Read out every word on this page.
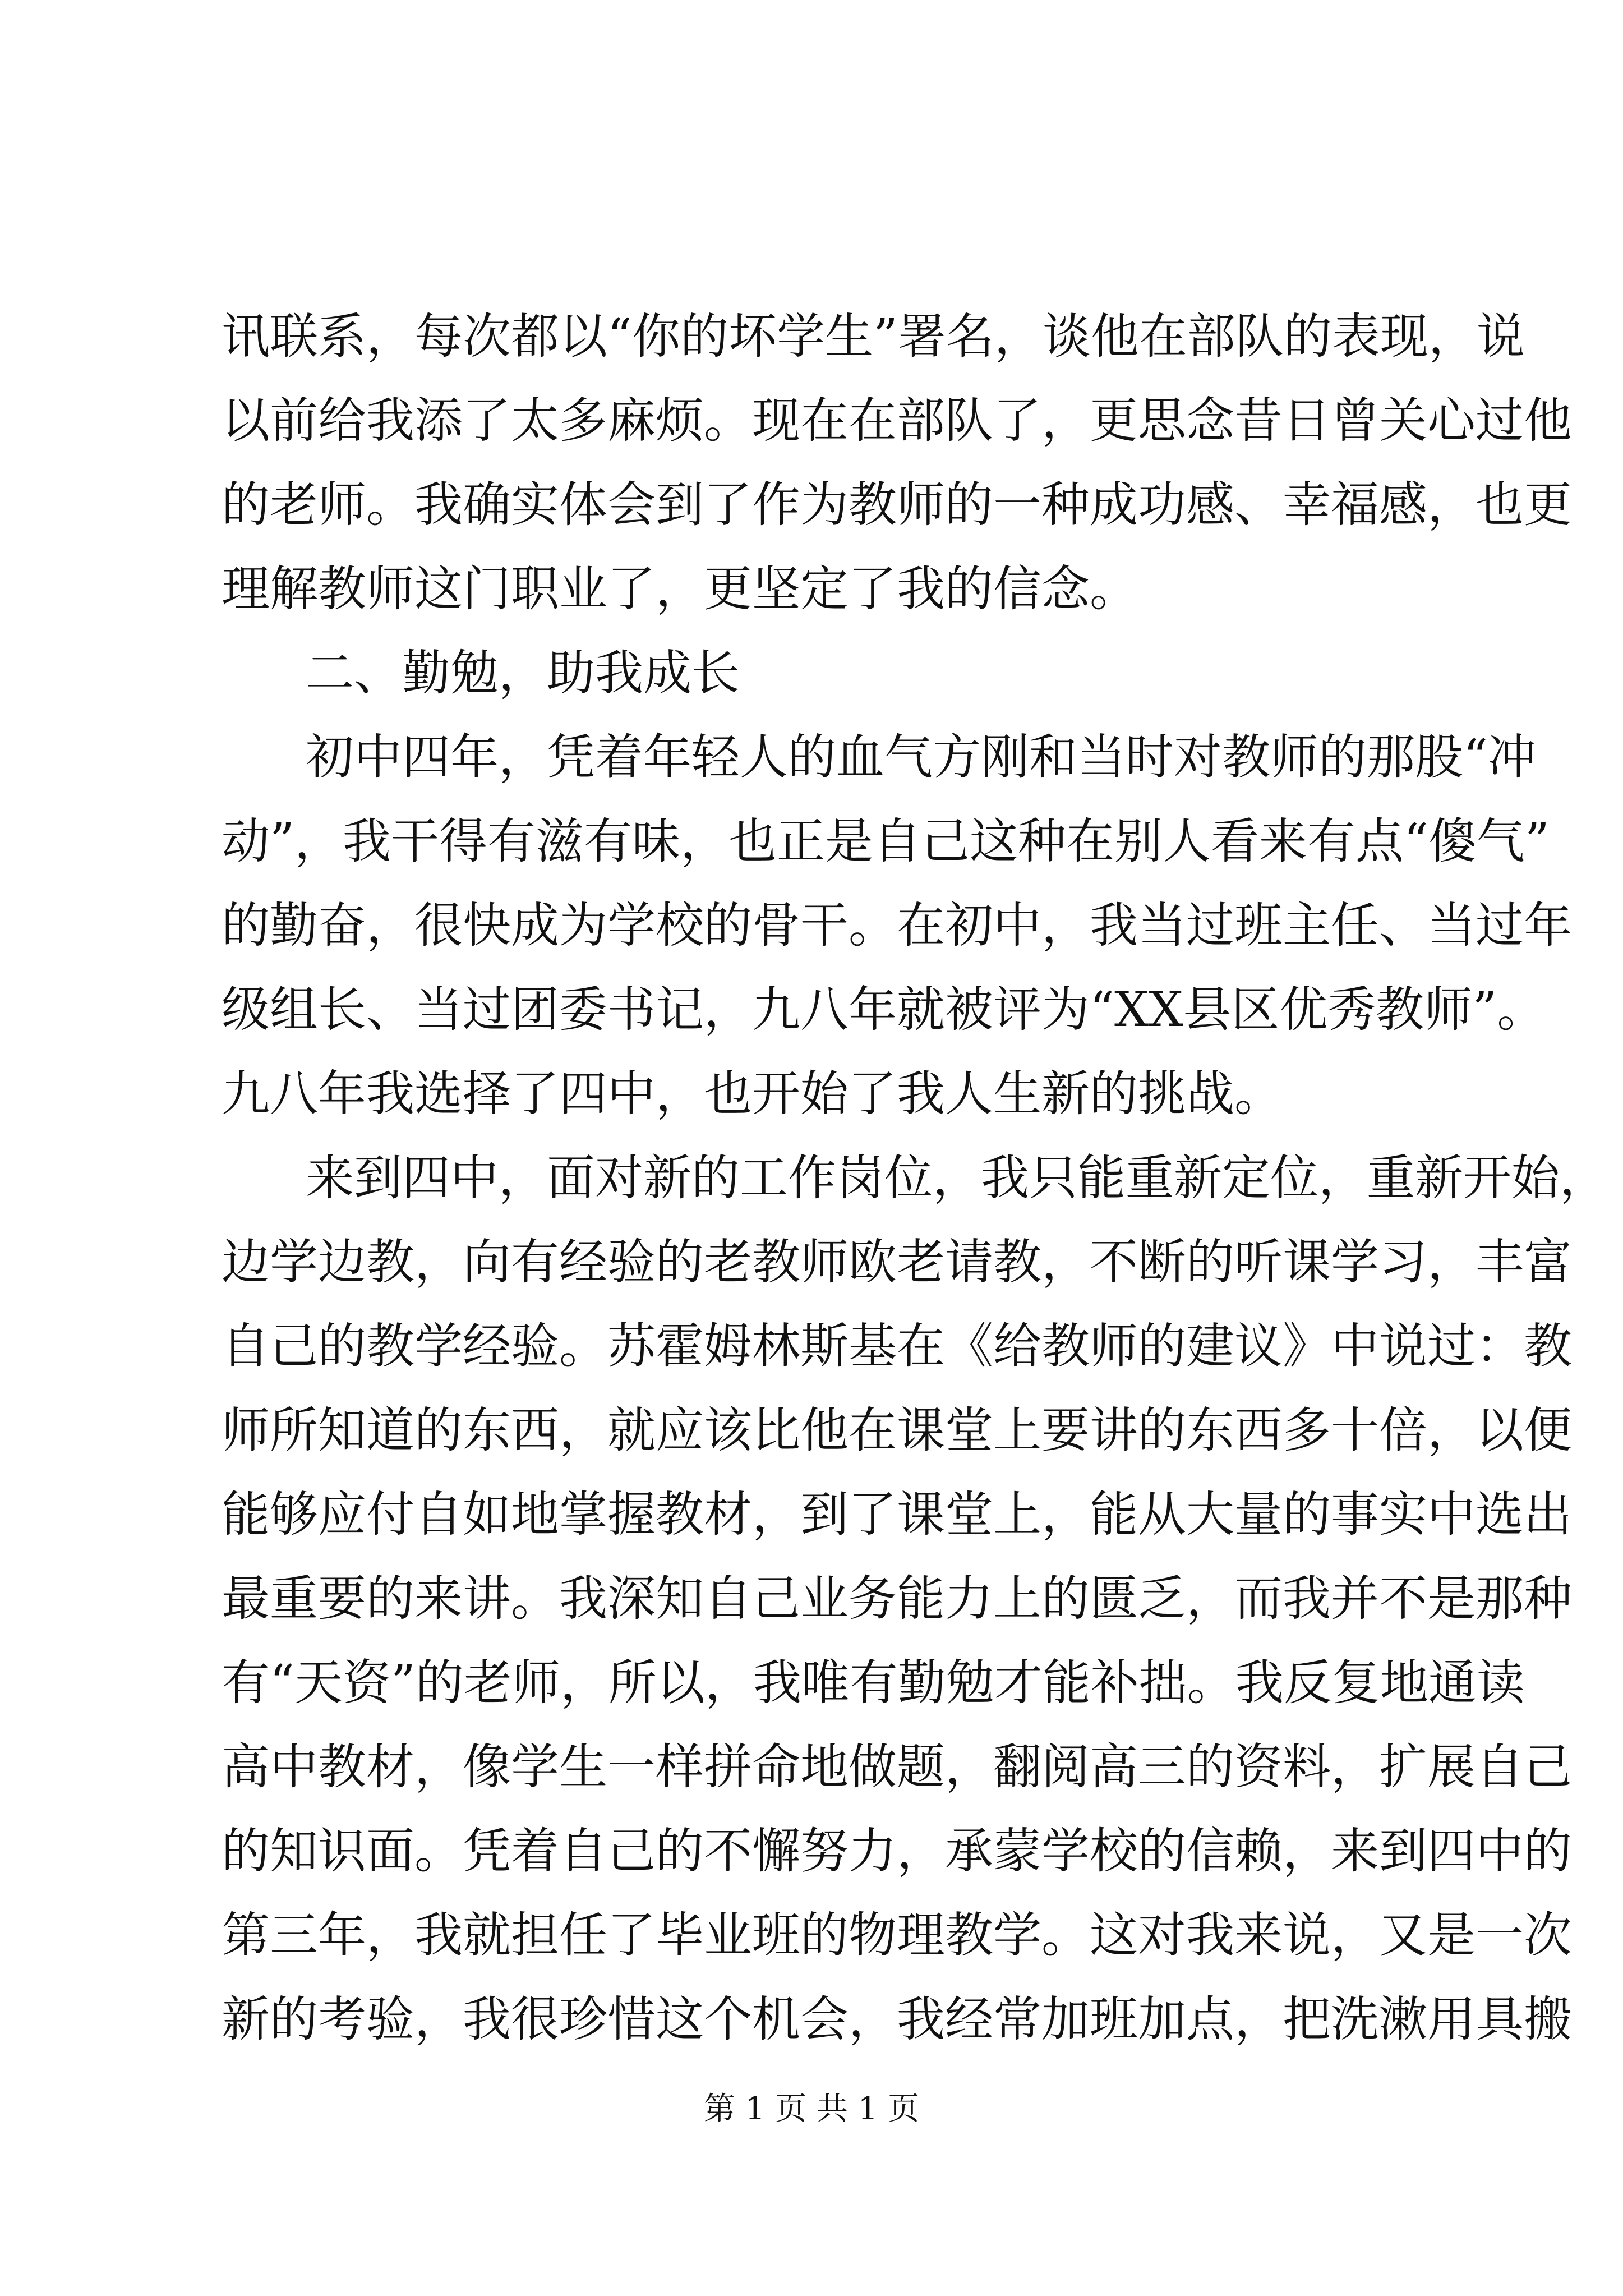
讯联系，每次都以“你的坏学生”署名，谈他在部队的表现，说
以前给我添了太多麻烦。现在在部队了，更思念昔日曾关心过他
的老师。我确实体会到了作为教师的一种成功感、幸福感，也更
理解教师这门职业了，更坚定了我的信念。
二、勤勉，助我成长
初中四年，凭着年轻人的血气方刚和当时对教师的那股“冲
动”，我干得有滋有味，也正是自己这种在别人看来有点“傻气”
的勤奋，很快成为学校的骨干。在初中，我当过班主任、当过年
级组长、当过团委书记，九八年就被评为“XX县区优秀教师”。
九八年我选择了四中，也开始了我人生新的挑战。
来到四中，面对新的工作岗位，我只能重新定位，重新开始，
边学边教，向有经验的老教师欧老请教，不断的听课学习，丰富
自己的教学经验。苏霍姆林斯基在《给教师的建议》中说过：教
师所知道的东西，就应该比他在课堂上要讲的东西多十倍，以便
能够应付自如地掌握教材，到了课堂上，能从大量的事实中选出
最重要的来讲。我深知自己业务能力上的匮乏，而我并不是那种
有“天资”的老师，所以，我唯有勤勉才能补拙。我反复地通读
高中教材，像学生一样拼命地做题，翻阅高三的资料，扩展自己
的知识面。凭着自己的不懈努力，承蒙学校的信赖，来到四中的
第三年，我就担任了毕业班的物理教学。这对我来说，又是一次
新的考验，我很珍惜这个机会，我经常加班加点，把洗漱用具搬
第 1 页 共 1 页
